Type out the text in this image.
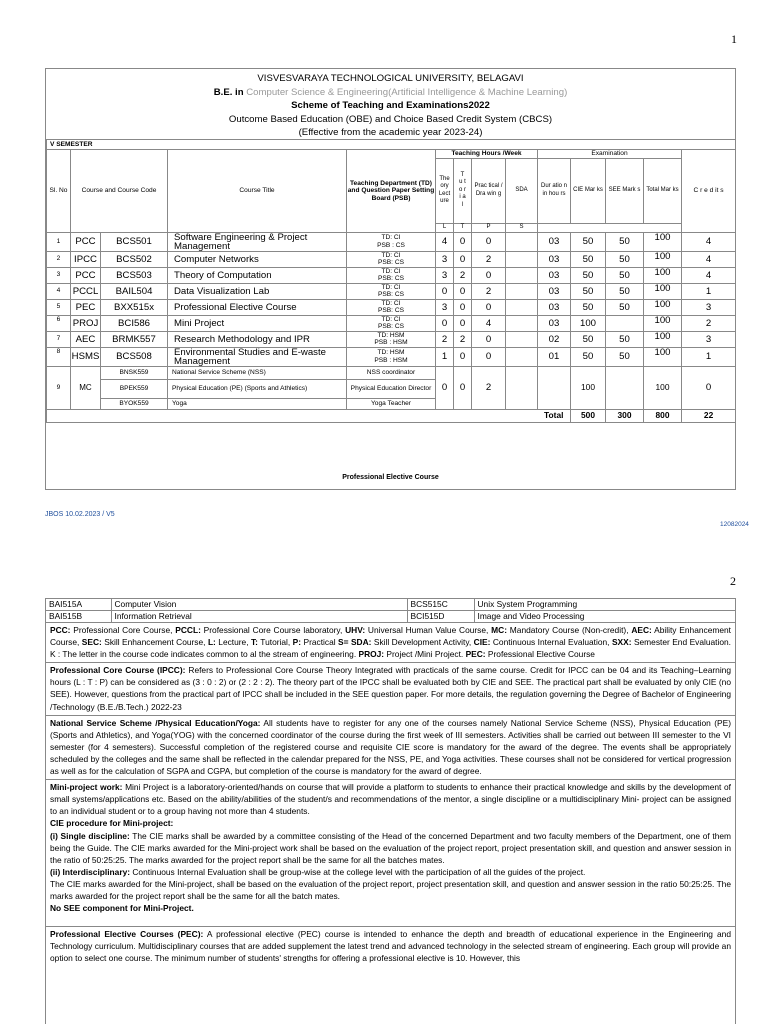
1
VISVESVARAYA TECHNOLOGICAL UNIVERSITY, BELAGAVI
B.E. in Computer Science & Engineering(Artificial Intelligence & Machine Learning)
Scheme of Teaching and Examinations2022
Outcome Based Education (OBE) and Choice Based Credit System (CBCS)
(Effective from the academic year 2023-24)
V SEMESTER													
Sl. No	Course and Course Code		Course Title	Teaching Department (TD) and Question Paper Setting Board (PSB)	Teaching Hours /Week				Examination				C r e d it s
					The ory Lect ure	T u t o ri a l	Prac tical / Dra win g	SDA	Dur atio n in hou rs	CIE Mar ks	SEE Mark s	Total Mar ks	
					L	T	P	S					
1	PCC	BCS501	Software Engineering & Project Management	TD: CI
PSB : CS	4	0	0		03	50	50	100	4
2	IPCC	BCS502	Computer Networks	TD: CI
PSB: CS	3	0	2		03	50	50	100	4
3	PCC	BCS503	Theory of Computation	TD: CI
PSB: CS	3	2	0		03	50	50	100	4
4	PCCL	BAIL504	Data Visualization Lab	TD: CI
PSB: CS	0	0	2		03	50	50	100	1
5	PEC	BXX515x	Professional Elective Course	TD: CI
PSB: CS	3	0	0		03	50	50	100	3
6	PROJ	BCI586	Mini Project	TD: CI
PSB: CS	0	0	4		03	100		100	2
7	AEC	BRMK557	Research Methodology and IPR	TD: HSM
PSB : HSM	2	2	0		02	50	50	100	3
8	HSMS	BCS508	Environmental Studies and E-waste Management	TD: HSM
PSB : HSM	1	0	0		01	50	50	100	1
9	MC	BNSK559	National Service Scheme (NSS)	NSS coordinator	0	0	2			100		100	0
		BPEK559	Physical Education (PE) (Sports and Athletics)	Physical Education Director									
		BYOK559	Yoga	Yoga Teacher									
									Total	500	300	800	22
Professional Elective Course
JBOS 10.02.2023 / V5
12082024
2
BAI515A	Computer Vision	BCS515C	Unix System Programming
BAI515B	Information Retrieval	BCI515D	Image and Video Processing
PCC: Professional Core Course, PCCL: Professional Core Course laboratory, UHV: Universal Human Value Course, MC: Mandatory Course (Non-credit), AEC: Ability Enhancement Course, SEC: Skill Enhancement Course, L: Lecture, T: Tutorial, P: Practical S= SDA: Skill Development Activity, CIE: Continuous Internal Evaluation, SXX: Semester End Evaluation. K : The letter in the course code indicates common to al the stream of engineering. PROJ: Project /Mini Project. PEC: Professional Elective Course
Professional Core Course (IPCC): Refers to Professional Core Course Theory Integrated with practicals of the same course. Credit for IPCC can be 04 and its Teaching–Learning hours (L : T : P) can be considered as (3 : 0 : 2) or (2 : 2 : 2). The theory part of the IPCC shall be evaluated both by CIE and SEE. The practical part shall be evaluated by only CIE (no SEE). However, questions from the practical part of IPCC shall be included in the SEE question paper. For more details, the regulation governing the Degree of Bachelor of Engineering /Technology (B.E./B.Tech.) 2022-23
National Service Scheme /Physical Education/Yoga: All students have to register for any one of the courses namely National Service Scheme (NSS), Physical Education (PE)(Sports and Athletics), and Yoga(YOG) with the concerned coordinator of the course during the first week of III semesters. Activities shall be carried out between III semester to the VI semester (for 4 semesters). Successful completion of the registered course and requisite CIE score is mandatory for the award of the degree. The events shall be appropriately scheduled by the colleges and the same shall be reflected in the calendar prepared for the NSS, PE, and Yoga activities. These courses shall not be considered for vertical progression as well as for the calculation of SGPA and CGPA, but completion of the course is mandatory for the award of degree.
Mini-project work: Mini Project is a laboratory-oriented/hands on course that will provide a platform to students to enhance their practical knowledge and skills by the development of small systems/applications etc. Based on the ability/abilities of the student/s and recommendations of the mentor, a single discipline or a multidisciplinary Mini- project can be assigned to an individual student or to a group having not more than 4 students.
CIE procedure for Mini-project:
(i) Single discipline: The CIE marks shall be awarded by a committee consisting of the Head of the concerned Department and two faculty members of the Department, one of them being the Guide. The CIE marks awarded for the Mini-project work shall be based on the evaluation of the project report, project presentation skill, and question and answer session in the ratio of 50:25:25. The marks awarded for the project report shall be the same for all the batches mates.
(ii) Interdisciplinary: Continuous Internal Evaluation shall be group-wise at the college level with the participation of all the guides of the project.
The CIE marks awarded for the Mini-project, shall be based on the evaluation of the project report, project presentation skill, and question and answer session in the ratio 50:25:25. The marks awarded for the project report shall be the same for all the batch mates.
No SEE component for Mini-Project.
Professional Elective Courses (PEC): A professional elective (PEC) course is intended to enhance the depth and breadth of educational experience in the Engineering and Technology curriculum. Multidisciplinary courses that are added supplement the latest trend and advanced technology in the selected stream of engineering. Each group will provide an option to select one course. The minimum number of students' strengths for offering a professional elective is 10. However, this
